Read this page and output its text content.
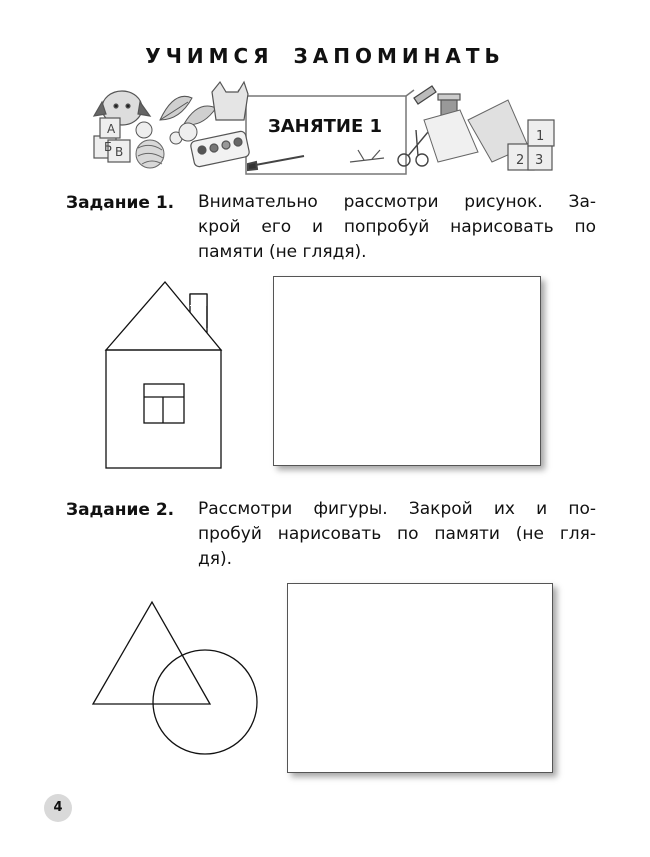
УЧИМСЯ ЗАПОМИНАТЬ
Б
А
В
1
2 3
ЗАНЯТИЕ 1
Задание 1. Внимательно рассмотри рисунок. За-
крой его и попробуй нарисовать по
памяти (не глядя).
Задание 2. Рассмотри фигуры. Закрой их и по-
пробуй нарисовать по памяти (не гля-
дя).
4
